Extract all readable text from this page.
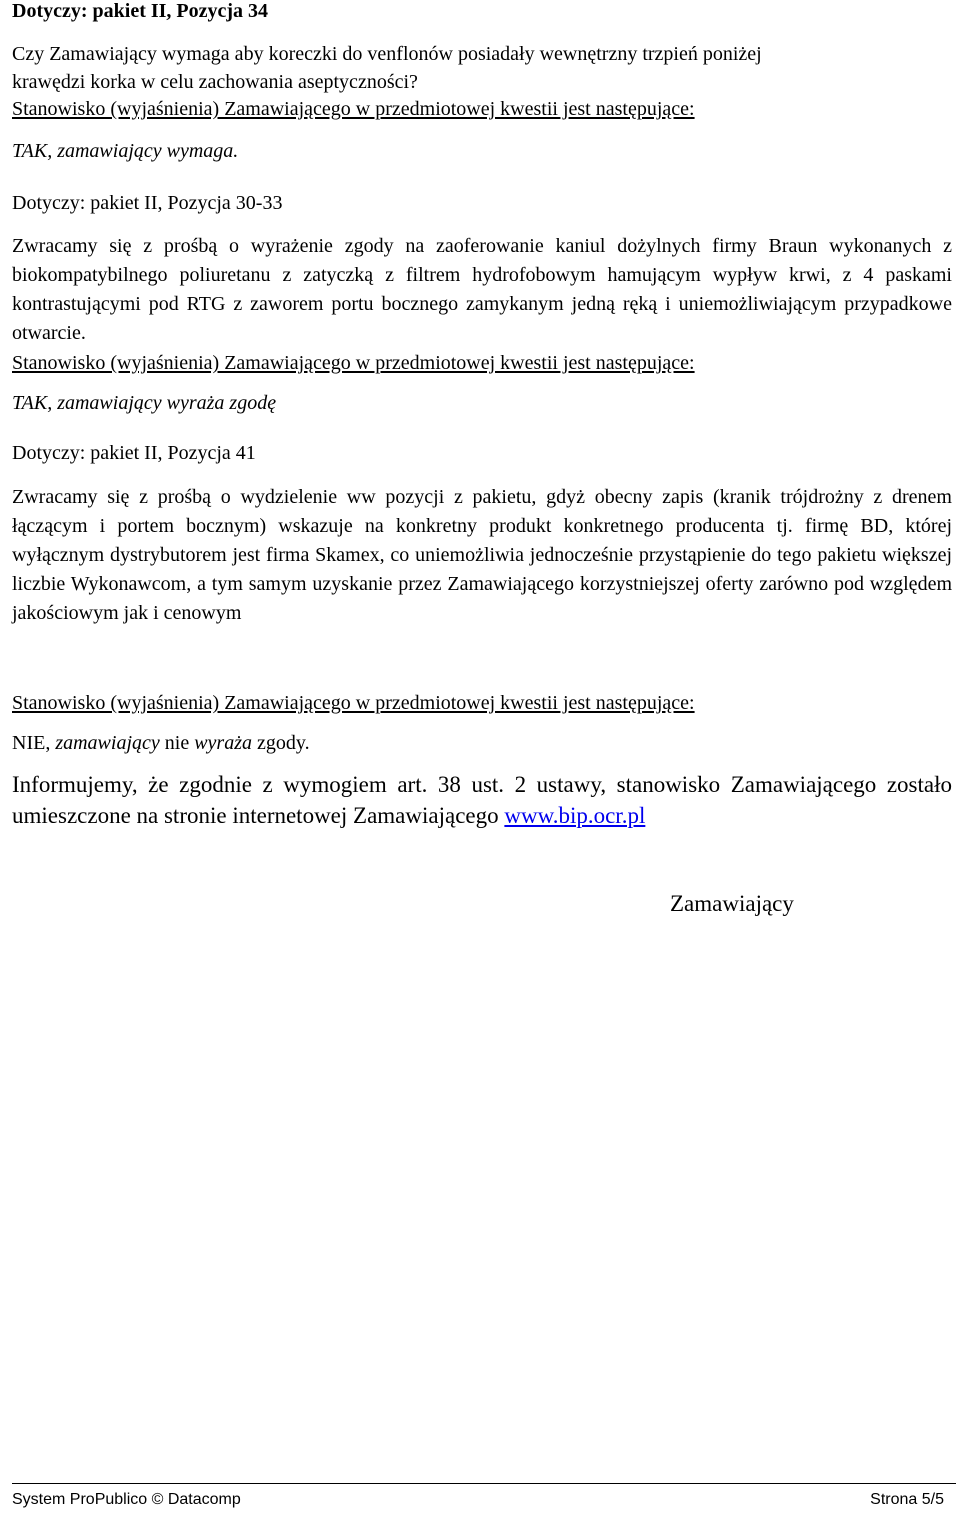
Dotyczy: pakiet II, Pozycja 34
Czy Zamawiający wymaga aby koreczki do venflonów posiadały wewnętrzny trzpień poniżej
krawędzi korka w celu zachowania aseptyczności?
Stanowisko (wyjaśnienia) Zamawiającego w przedmiotowej kwestii jest następujące:
TAK, zamawiający wymaga.
Dotyczy: pakiet II, Pozycja 30-33
Zwracamy się z prośbą o wyrażenie zgody na zaoferowanie kaniul dożylnych firmy Braun wykonanych z biokompatybilnego poliuretanu z zatyczką z filtrem hydrofobowym hamującym wypływ krwi, z 4 paskami kontrastującymi pod RTG z zaworem portu bocznego zamykanym jedną ręką i uniemożliwiającym przypadkowe otwarcie.
Stanowisko (wyjaśnienia) Zamawiającego w przedmiotowej kwestii jest następujące:
TAK, zamawiający wyraża zgodę
Dotyczy: pakiet II, Pozycja 41
Zwracamy się z prośbą o wydzielenie ww pozycji z pakietu, gdyż obecny zapis (kranik trójdrożny z drenem łączącym i portem bocznym) wskazuje na konkretny produkt konkretnego producenta tj. firmę BD, której wyłącznym dystrybutorem jest firma Skamex, co uniemożliwia jednocześnie przystąpienie do tego pakietu większej liczbie Wykonawcom, a tym samym uzyskanie przez Zamawiającego korzystniejszej oferty zarówno pod względem jakościowym jak i cenowym
Stanowisko (wyjaśnienia) Zamawiającego w przedmiotowej kwestii jest następujące:
NIE, zamawiający nie wyraża zgody.
Informujemy, że zgodnie z wymogiem art. 38 ust. 2 ustawy, stanowisko Zamawiającego zostało umieszczone na stronie internetowej Zamawiającego www.bip.ocr.pl
Zamawiający
System ProPublico © Datacomp	Strona 5/5
